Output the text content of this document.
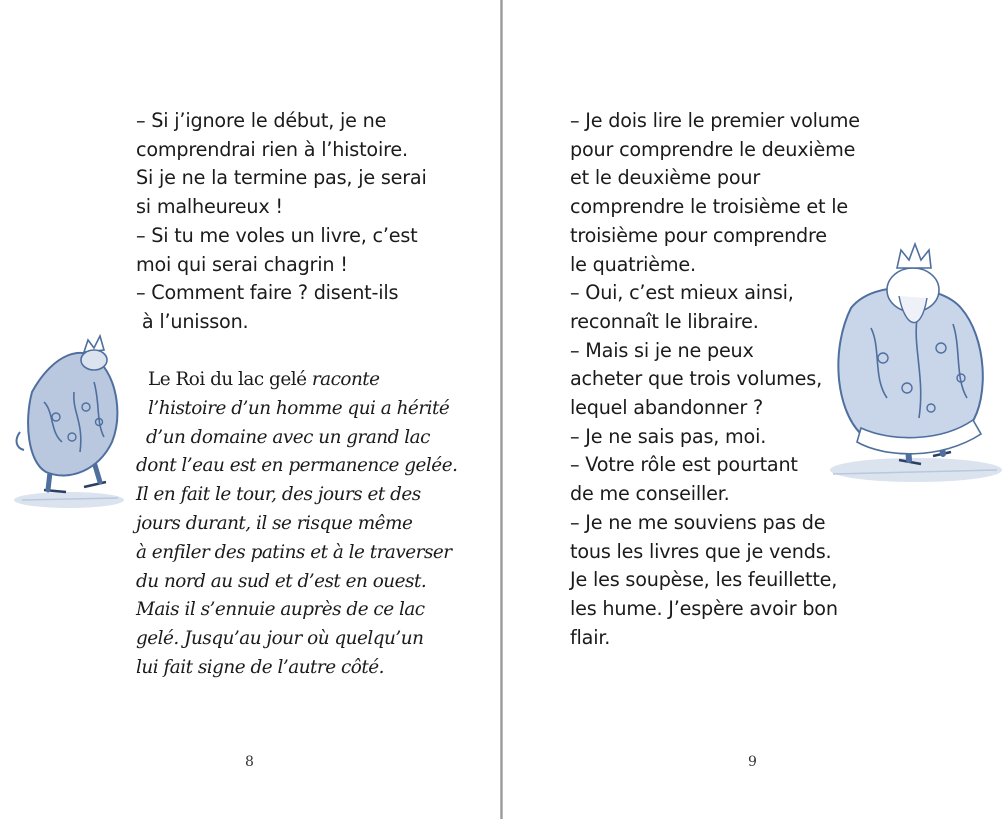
– Si j’ignore le début, je ne
comprendrai rien à l’histoire.
Si je ne la termine pas, je serai
si malheureux !
– Si tu me voles un livre, c’est
moi qui serai chagrin !
– Comment faire ? disent-ils
à l’unisson.
Le Roi du lac gelé raconte
l’histoire d’un homme qui a hérité
d’un domaine avec un grand lac
dont l’eau est en permanence gelée.
Il en fait le tour, des jours et des
jours durant, il se risque même
à enfiler des patins et à le traverser
du nord au sud et d’est en ouest.
Mais il s’ennuie auprès de ce lac
gelé. Jusqu’au jour où quelqu’un
lui fait signe de l’autre côté.
– Je dois lire le premier volume
pour comprendre le deuxième
et le deuxième pour
comprendre le troisième et le
troisième pour comprendre
le quatrième.
– Oui, c’est mieux ainsi,
reconnaît le libraire.
– Mais si je ne peux
acheter que trois volumes,
lequel abandonner ?
– Je ne sais pas, moi.
– Votre rôle est pourtant
de me conseiller.
– Je ne me souviens pas de
tous les livres que je vends.
Je les soupèse, les feuillette,
les hume. J’espère avoir bon
flair.
9
8
